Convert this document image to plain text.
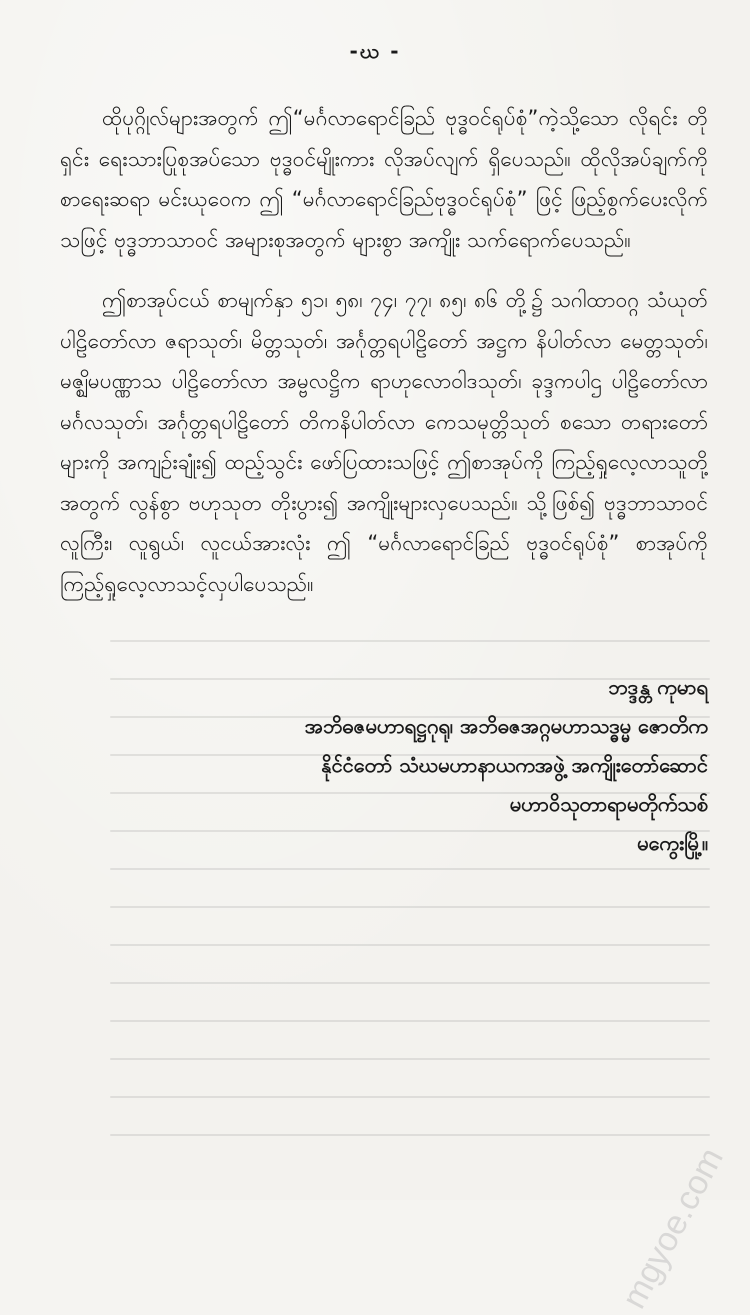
-ဃ -

ထိုပုဂ္ဂိုလ်များအတွက် ဤ“မင်္ဂလာရောင်ခြည် ဗုဒ္ဓဝင်ရုပ်စုံ”ကဲ့သို့သော လိုရင်း တိုရှင်း ရေးသားပြုစုအပ်သော ဗုဒ္ဓဝင်မျိုးကား လိုအပ်လျက် ရှိပေသည်။ ထိုလိုအပ်ချက်ကို စာရေးဆရာ မင်းယုဝေက ဤ “မင်္ဂလာရောင်ခြည်ဗုဒ္ဓဝင်ရုပ်စုံ” ဖြင့် ဖြည့်စွက်ပေးလိုက်သဖြင့် ဗုဒ္ဓဘာသာဝင် အများစုအတွက် များစွာ အကျိုး သက်ရောက်ပေသည်။

ဤစာအုပ်ငယ် စာမျက်နှာ ၅၁၊ ၅၈၊ ၇၄၊ ၇၇၊ ၈၅၊ ၈၆ တို့၌ သဂါထာဝဂ္ဂ သံယုတ်ပါဠိတော်လာ ဇရာသုတ်၊ မိတ္တသုတ်၊ အင်္ဂုတ္တရပါဠိတော် အဋ္ဌက နိပါတ်လာ မေတ္တသုတ်၊ မဇ္ဈိမပဏ္ဏာသ ပါဠိတော်လာ အမ္ဗလဋ္ဌိက ရာဟုလောဝါဒသုတ်၊ ခုဒ္ဒကပါဌ ပါဠိတော်လာ မင်္ဂလသုတ်၊ အင်္ဂုတ္တရပါဠိတော် တိကနိပါတ်လာ ကေသမုတ္တိသုတ် စသော တရားတော်များကို အကျဉ်းချုံး၍ ထည့်သွင်း ဖော်ပြထားသဖြင့် ဤစာအုပ်ကို ကြည့်ရှုလေ့လာသူတို့အတွက် လွန်စွာ ဗဟုသုတ တိုးပွား၍ အကျိုးများလှပေသည်။ သို့ဖြစ်၍ ဗုဒ္ဓဘာသာဝင် လူကြီး၊ လူရွယ်၊ လူငယ်အားလုံး ဤ “မင်္ဂလာရောင်ခြည် ဗုဒ္ဓဝင်ရုပ်စုံ” စာအုပ်ကို ကြည့်ရှုလေ့လာသင့်လှပါပေသည်။

ဘဒ္ဒန္တ ကုမာရ
အဘိဓဇမဟာရဋ္ဌဂုရု၊ အဘိဓဇအဂ္ဂမဟာသဒ္ဓမ္မ ဇောတိက
နိုင်ငံတော် သံဃမဟာနာယကအဖွဲ့ အကျိုးတော်ဆောင်
မဟာဝိသုတာရာမတိုက်သစ်
မကွေးမြို့။
mgyoe.com
